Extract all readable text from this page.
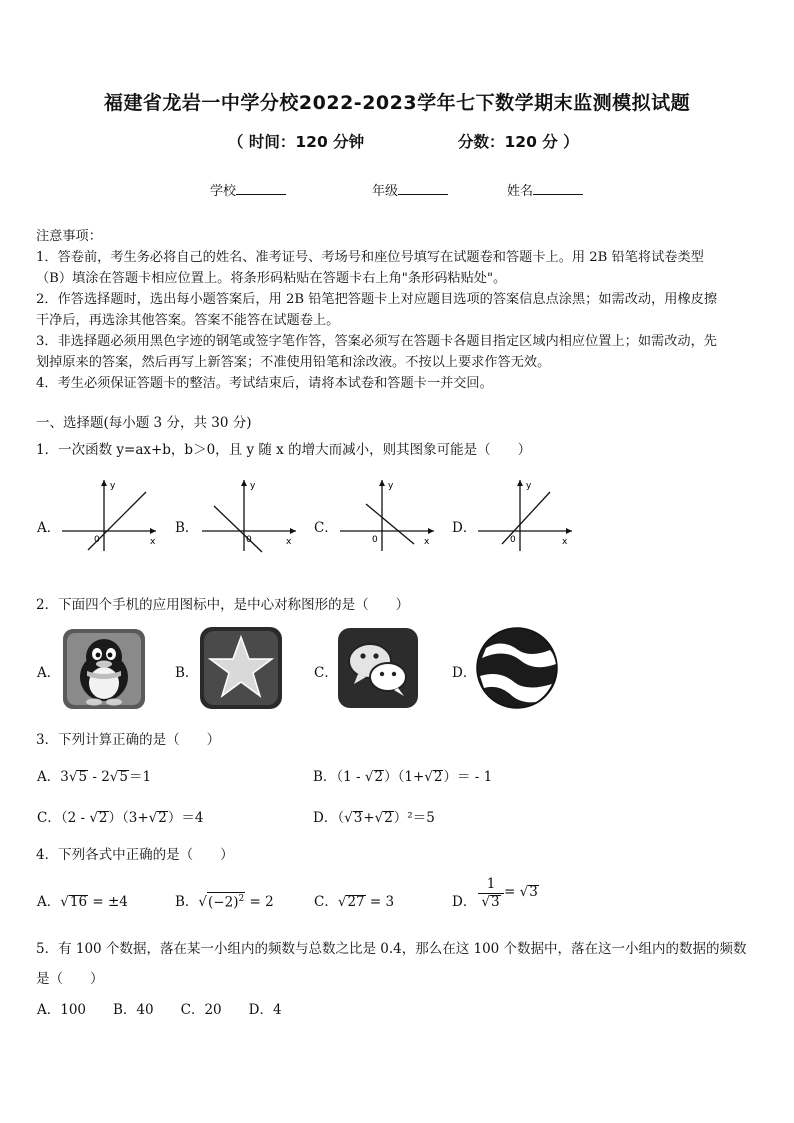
福建省龙岩一中学分校2022-2023学年七下数学期末监测模拟试题
（ 时间：120 分钟	分数：120 分 ）
学校	年级	姓名
注意事项：
1．答卷前，考生务必将自己的姓名、准考证号、考场号和座位号填写在试题卷和答题卡上。用 2B 铅笔将试卷类型
（B）填涂在答题卡相应位置上。将条形码粘贴在答题卡右上角"条形码粘贴处"。
2．作答选择题时，选出每小题答案后，用 2B 铅笔把答题卡上对应题目选项的答案信息点涂黑；如需改动，用橡皮擦
干净后，再选涂其他答案。答案不能答在试题卷上。
3．非选择题必须用黑色字迹的钢笔或签字笔作答，答案必须写在答题卡各题目指定区域内相应位置上；如需改动，先
划掉原来的答案，然后再写上新答案；不准使用铅笔和涂改液。不按以上要求作答无效。
4．考生必须保证答题卡的整洁。考试结束后，请将本试卷和答题卡一并交回。
一、选择题(每小题 3 分，共 30 分)
1．一次函数 y=ax+b，b＞0，且 y 随 x 的增大而减小，则其图象可能是（　　）
A．
y
x
0
B．
y
x
0
C．
y
x
0
D．
y
x
0
2．下面四个手机的应用图标中，是中心对称图形的是（　　）
A．	B．	C．	D．
3．下列计算正确的是（　　）
A．3√5 - 2√5＝1	B．（1 - √2）（1+√2）＝ - 1
C．（2 - √2）（3+√2）＝4	D．（√3+√2）²＝5
4．下列各式中正确的是（　　）
A．√16 = ±4	B．$√(-2)^2 = 2$	C．√27 = 3	D． $\frac{1}{√3} = √3$
5．有 100 个数据，落在某一小组内的频数与总数之比是 0.4，那么在这 100 个数据中，落在这一小组内的数据的频数
是（　　）
A．100　　B．40　　C．20　　D．4
